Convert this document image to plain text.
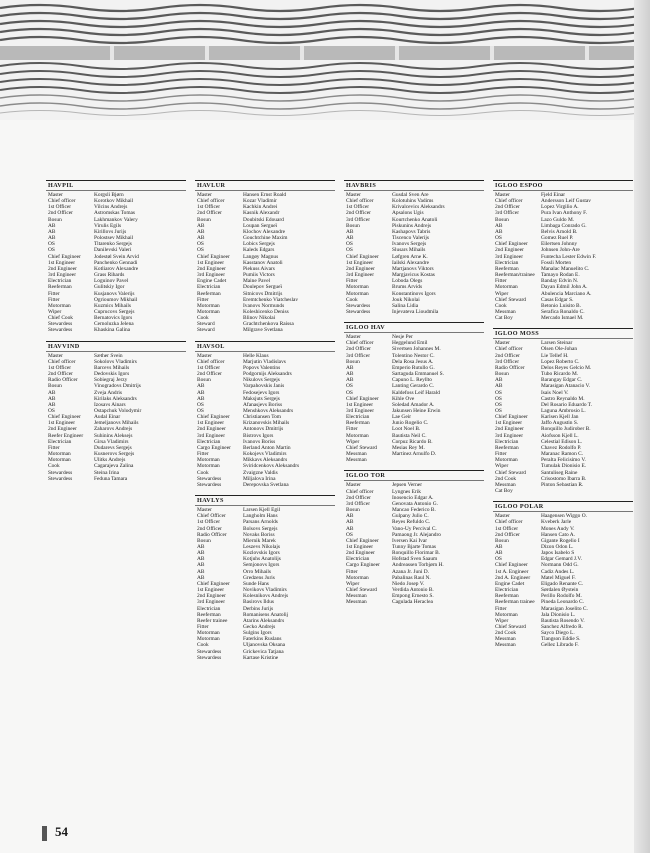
HAVPIL
Master	Korgsli Bjørn
Chief officer	Korotkov Mikhail
1st Officer	Vilcins Andrejs
2nd Officer	Astromskas Tomas
Bosun	Lakhmankov Valery
AB	Virulis Egils
AB	Kirillovs Jurijs
AB	Polostsev Mikhail
OS	Titarenko Sergejs
OS	Danilevski Valeri
Chief Engineer	Jodestøl Svein Arvid
1st Engineer	Panchenko Gennadi
2nd Engineer	Kotliarov Alexandre
3rd Engineer	Grass Rihards
Electrician	Loguinov Pavel
Reeferman	Gulitskiy Igor
Fitter	Kusjanovs Valerijs
Fitter	Ogrioumov Mikhail
Motorman	Kuzmics Mihails
Wiper	Cuprucovs Sergejs
Chief Cook	Bernatovics Igors
Stewardess	Cernoluzka Jelena
Stewardess	Khaskina Galina
HAVVIND
Master	Sæther Svein
Chief officer	Sokolovs Vladimirs
1st Officer	Barcevs Mihails
2nd Officer	Dedovskis Igors
Radio Officer	Sobiegraj Jerzy
Bosun	Vinogradovs Dmitrijs
AB	Zveja Andris
AB	Kirilaks Aleksandrs
AB	Izosavs Ainars
OS	Ostapchuk Volodymir
Chief Engineer	Audal Einar
1st Engineer	Jemeljanovs Mihails
2nd Engineer	Zaharovs Andrejs
Reefer Engineer	Suhinins Aleksejs
Electrician	Girsa Vladimirs
Fitter	Dudarevs Sergejs
Motorman	Kusnerovs Sergejs
Motorman	Ulitks Andrejs
Cook	Cagarajeva Zalina
Stewardess	Steina Irina
Stewardess	Feduna Tamara
HAVLUR
Master	Hansen Ernst Roald
Chief officer	Kozar Vladimir
1st Officer	Kachkin Andrei
2nd Officer	Kasnik Alexandr
Bosun	Doubitski Edouard
AB	Loupan Sergueï
AB	Klochov Alexandre
AB	Gouchtchine Maxim
OS	Lobics Sergejs
OS	Kaleds Edgars
Chief Engineer	Langøy Magnus
1st Engineer	Kasstanov Anatoli
2nd Engineer	Piekuss Aivars
3rd Engineer	Pumiis Victors
Engine Cadet	Maine Pavel
Electrician	Doulepov Sergueï
Reeferman	Sitnicovs Dmitrijs
Fitter	Eremtchenko Viatcheslav
Motorman	Ivanovs Normunds
Motorman	Koleshicenko Deniss
Cook	Blinov Nikolai
Steward	Grachtchenkova Raissa
Steward	Milgrave Svetlana
HAVSOL
Master	Helle Klaus
Chief officer	Marjutin Vladislavs
1st Officer	Popovs Valentins
2nd Officer	Podgornijs Aleksandrs
Bosun	Nikulovs Sergejs
AB	Varpahovskis Janis
AB	Fedosejevs Igors
AB	Maksjuts Sergejs
OS	Afanasjevs Boriss
OS	Menshkovs Aleksandrs
Chief Engineer	Christiansen Tom
1st Engineer	Krizanovskis Mihails
2nd Engineer	Antonovs Dmitrijs
3rd Engineer	Bistrovs Igors
Electrician	Ivanovs Boriss
Cargo Engineer	Berland Anton Martin
Fitter	Kokojevs Vladimirs
Motorman	Mikkavs Aleksandrs
Motorman	Sviridcenkovs Aleksandrs
Cook	Zvaigzne Valdis
Stewardess	Miljalova Irina
Stewardess	Derepovska Svetlana
HAVLYS
Master	Larsen Kjell Egil
Chief Officer	Langholm Hans
1st Officer	Parsans Arnolds
2nd Officer	Bolsovs Sergejs
Radio Officer	Novaks Boriss
Bosun	Miernik Marek
AB	Leszevs Nikolajs
AB	Kozlovskis Igors
AB	Kotjuhs Anatolijs
AB	Semjonovs Igors
AB	Orro Mihails
AB	Gredzens Juris
Chief Engineer	Sunde Hans
1st Engineer	Novikovs Vladimirs
2nd Engineer	Kolesnikovs Andrejs
3rd Engineer	Basirovs Ildus
Electrician	Derbins Jurijs
Reeferman	Romanisens Anatolij
Reefer trainee	Atarins Aleksandrs
Fitter	Gecko Andrejs
Motorman	Sulgins Igors
Motorman	Faterkins Ruslans
Cook	Uljanovska Oksana
Stewardess	Grickevica Tatjana
Stewardess	Kartase Kristine
HAVBRIS
Master	Gusdal Sven Are
Chief officer	Kolotuhins Vadims
1st Officer	Krivalcevics Aleksandrs
2nd Officer	Apsalons Ugis
3rd Officer	Kourtchenko Anatoli
Bosun	Piskunins Andrejs
AB	Kashapovs Tabris
AB	Tiscenco Valerijs
OS	Ivanovs Sergejs
OS	Slusars Mihails
Chief Engineer	Løfgren Arne K.
1st Engineer	Iailski Alexandre
2nd Engineer	Martjanovs Viktors
3rd Engineer	Margjavicus Kostas
Fitter	Loboda Olegs
Motorman	Brums Arvids
Motorman	Konstantinovs Igors
Cook	Jouk Nikolai
Stewardess	Salina Lidia
Stewardess	Injevateva Lioudmila
IGLOO HAV
Master	Nesje Per
Chief officer	Heggelund Emil
2nd Officer	Sivertsen Johannes M.
3rd Officer	Tolentino Nestor C.
Bosun	Dela Rosa Jesus A.
AB	Emperio Rutullo G.
AB	Sartaguda Emmanuel S.
AB	Capuno L. Reyllto
OS	Lanting Gerardo C.
OS	Kaldefoss Leif Harald
Chief Engineer	Kihle Ove
1st Engineer	Soledad Amador A.
3rd Engineer	Jakunsen Heine Erwin
Electrician	Lae Geir
Reeferman	Junio Rogelio C.
Fitter	Loot Noel B.
Motorman	Bautista Neil C.
Wiper	Corpuz Ricardo B.
Chief Steward	Mesias Rey M.
Messman	Martinez Arnulfo D.
Messman	
IGLOO TOR
Master	Jepsen Verner
Chief officer	Lyngnes Erik
2nd Officer	Inosencio Edgar A.
3rd Officer	Genovata Antonio G.
Bosun	Mancao Federico B.
AB	Gulpany Julio C.
AB	Reyes Refuldo C.
AB	Vano-Uy Percival C.
OS	Pamaong Jr. Alejandro
Chief Engineer	Iversen Kai Ivar
1st Engineer	Tunny Bjarte Tomas
2nd Engineer	Ronquillo Florimar B.
Electrician	Hofstad Sven Saaum
Cargo Engineer	Andreassen Torbjørn H.
Fitter	Azana Jr. Juni D.
Motorman	Pabalinas Raul N.
Wiper	Niedo Josep V.
Chief Steward	Verdida Antonio B.
Messman	Empong Ernesto S.
Messman	Cagulada Heraclea
IGLOO ESPOO
Master	Fjeld Einar
Chief officer	Andersson Leif Gustav
2nd Officer	Lopez Virgilio A.
3rd Officer	Pura Ivan Anthony F.
Bosun	Lazo Guldo M.
AB	Limbaga Conrado G.
AB	Belvis Arnold B.
OS	Gomez Ruel P.
Chief Engineer	Eilertsen Johnny
2nd Engineer	Johnsen John-Are
3rd Engineer	Funtecha Lester Edwin F.
Electrician	Fossli Morten
Reeferman	Manalac Manuelito C.
Reeferman/trainee	Tamayo Rodan E.
Fitter	Banday Edvin N.
Motorman	Dayan Edmil John A.
Wiper	Abulencia Marciano A.
Chief Steward	Casas Edgar S.
Cook	Betonio Luisito B.
Messman	Serafica Ronaldo C.
Cat Boy	Mercado Ismael M.
IGLOO MOSS
Master	Larsen Steinar
Chief officer	Olsen Ole-Johan
2nd Officer	Lie Tellef H.
3rd Officer	Lopez Roberto C.
Radio Officer	Delos Reyes Gelcio M.
Bosun	Tubo Ricardo M.
AB	Barangay Edgar C.
AB	Marasigan Atanacio V.
OS	Isais Noel V.
OS	Castro Reynaldo M.
OS	Del Rosario Eduardo T.
OS	Laguna Ambrosio L.
Chief Engineer	Karlsen Kjell Jan
1st Engineer	Jaffo Augustin S.
2nd Engineer	Ronquillo Judirober B.
3rd Engineer	Aiofsson Kjell L.
Electrician	Celestial Edison L.
Reeferman	Chavez Rodolfo P.
Fitter	Maranac Ramon C.
Motorman	Peralta Felicisimo V.
Wiper	Tumulak Dionisio E.
Chief Steward	Santuliseg Raine
2nd Cook	Crisostomo Ibarra B.
Messman	Pinton Sebastian R.
Cat Boy	
IGLOO POLAR
Master	Haagensen Wiggo O.
Chief officer	Kveberk Jarle
1st Officer	Mones Audy V.
2nd Officer	Hansen Cato A.
Bosun	Gigante Rogelio I
AB	Dizon Odon L.
AB	Japos Isabelo S
OS	Edgar Gemard J.V.
Chief Engineer	Normann Odd G.
1st A. Engineer	Cadiz Andes L.
2nd A. Engineer	Matel Miguel F.
Engine Cadet	Eligado Renante C.
Electrician	Sørdalen Øystein
Reeferman	Perillo Rodolfo M.
Reeferman trainee	Pineda Leonardo C.
Fitter	Marasigan Joselito C.
Motorman	Jala Dionisio L.
Wiper	Bautista Rosendo V.
Chief Steward	Sanchez Alfredo R.
2nd Cook	Sayco Diego L.
Messman	Tiangson Eddie S.
Messman	Gellez Librado F.
54
